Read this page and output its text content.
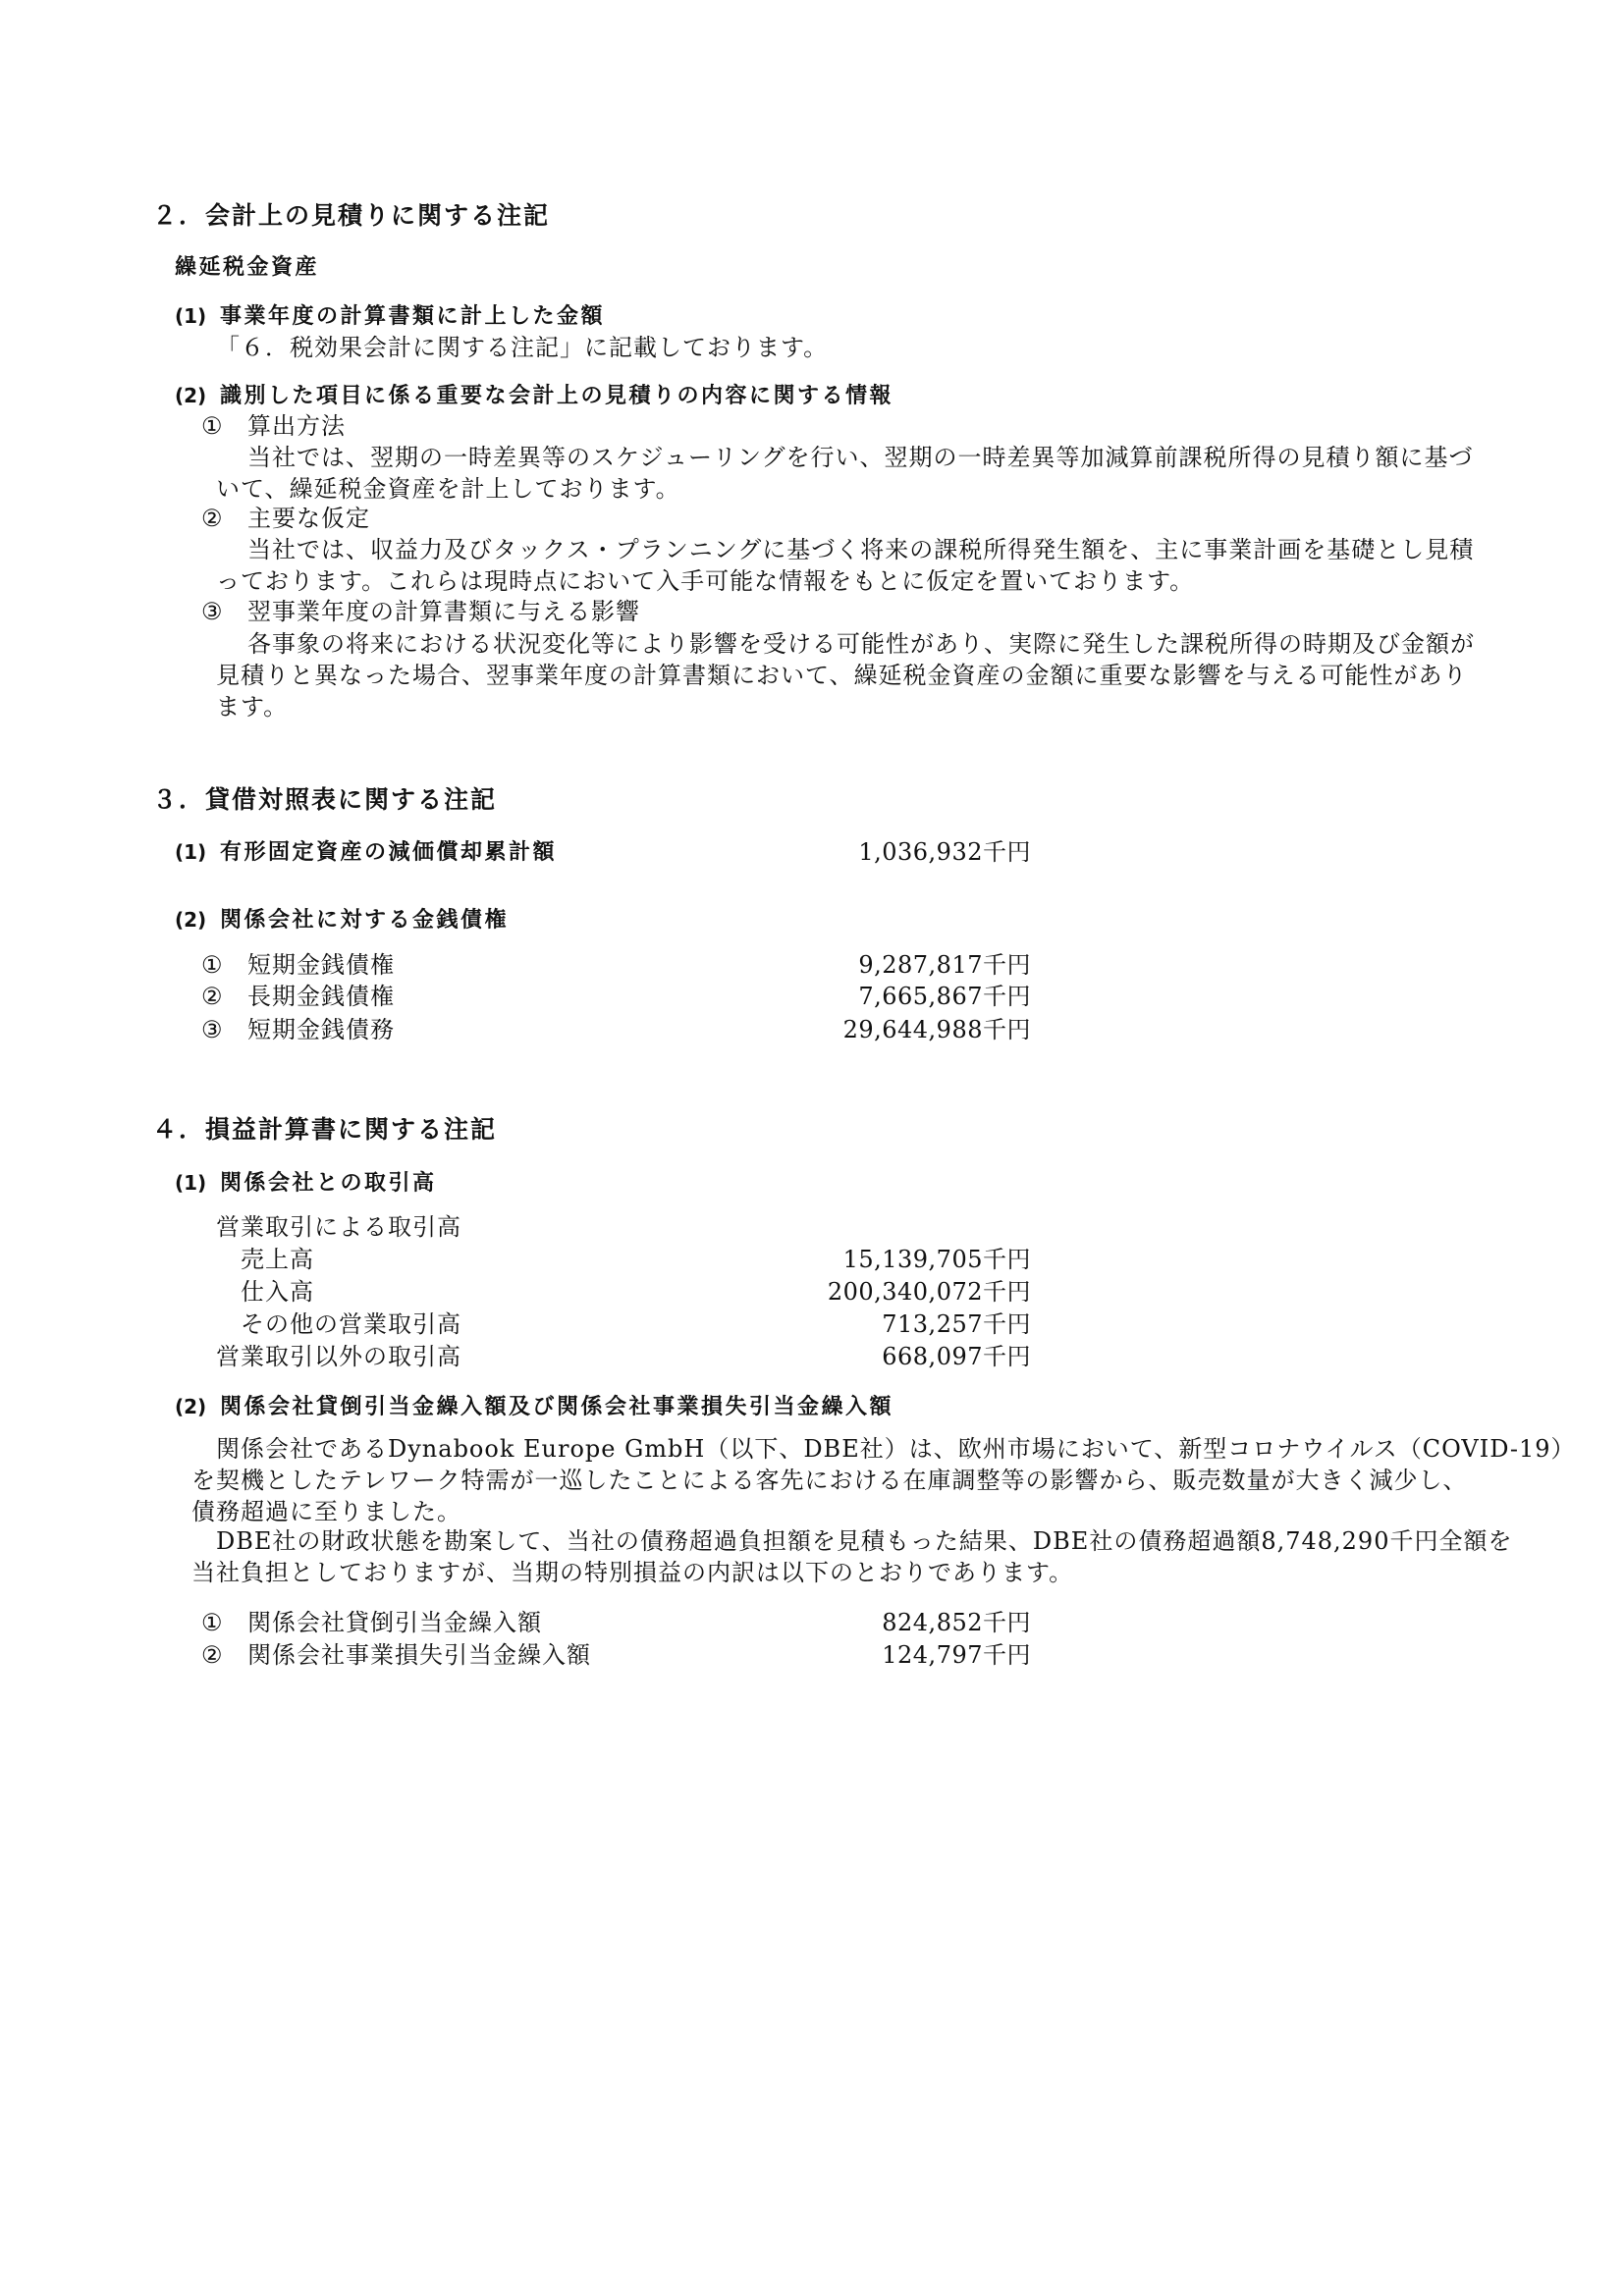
２．会計上の見積りに関する注記
繰延税金資産
(1) 事業年度の計算書類に計上した金額
「６．税効果会計に関する注記」に記載しております。
(2) 識別した項目に係る重要な会計上の見積りの内容に関する情報
① 算出方法
当社では、翌期の一時差異等のスケジューリングを行い、翌期の一時差異等加減算前課税所得の見積り額に基づ
いて、繰延税金資産を計上しております。
② 主要な仮定
当社では、収益力及びタックス・プランニングに基づく将来の課税所得発生額を、主に事業計画を基礎とし見積
っております。これらは現時点において入手可能な情報をもとに仮定を置いております。
③ 翌事業年度の計算書類に与える影響
各事象の将来における状況変化等により影響を受ける可能性があり、実際に発生した課税所得の時期及び金額が
見積りと異なった場合、翌事業年度の計算書類において、繰延税金資産の金額に重要な影響を与える可能性があり
ます。
３．貸借対照表に関する注記
(1) 有形固定資産の減価償却累計額	1,036,932千円
(2) 関係会社に対する金銭債権
① 短期金銭債権	9,287,817千円
② 長期金銭債権	7,665,867千円
③ 短期金銭債務	29,644,988千円
４．損益計算書に関する注記
(1) 関係会社との取引高
営業取引による取引高
売上高	15,139,705千円
仕入高	200,340,072千円
その他の営業取引高	713,257千円
営業取引以外の取引高	668,097千円
(2) 関係会社貸倒引当金繰入額及び関係会社事業損失引当金繰入額
関係会社であるDynabook Europe GmbH（以下、DBE社）は、欧州市場において、新型コロナウイルス（COVID-19）
を契機としたテレワーク特需が一巡したことによる客先における在庫調整等の影響から、販売数量が大きく減少し、
債務超過に至りました。
DBE社の財政状態を勘案して、当社の債務超過負担額を見積もった結果、DBE社の債務超過額8,748,290千円全額を
当社負担としておりますが、当期の特別損益の内訳は以下のとおりであります。
① 関係会社貸倒引当金繰入額	824,852千円
② 関係会社事業損失引当金繰入額	124,797千円
